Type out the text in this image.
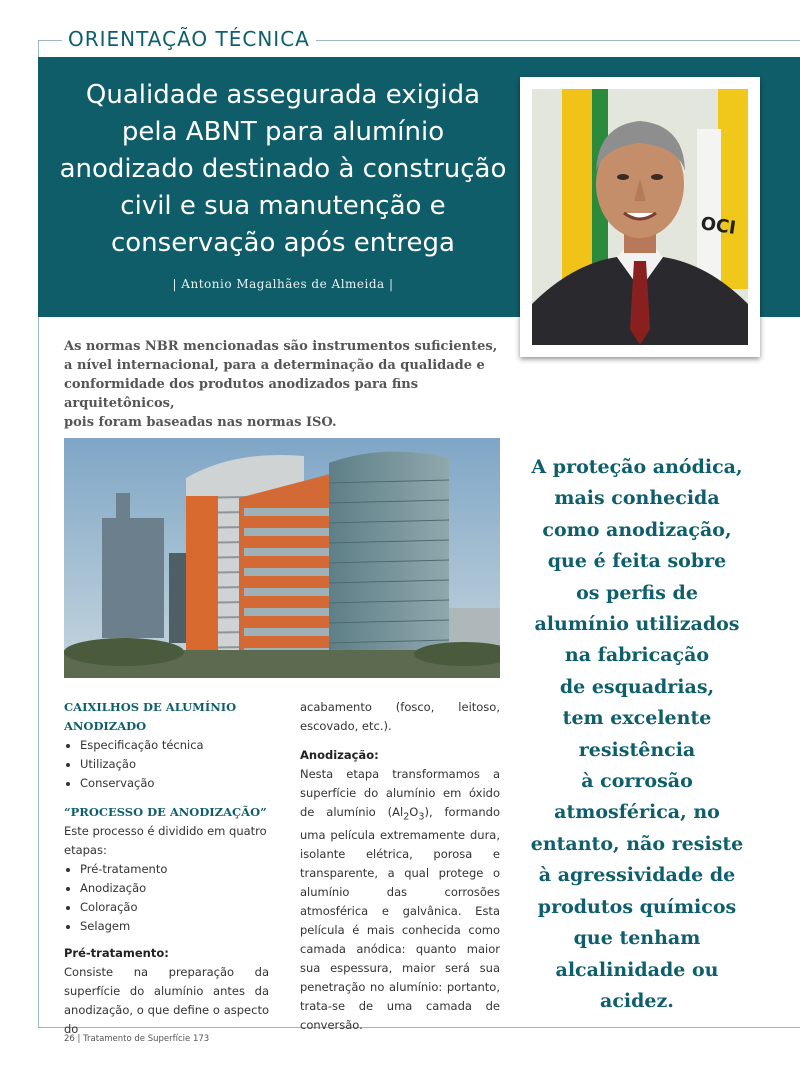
ORIENTAÇÃO TÉCNICA
Qualidade assegurada exigida
pela ABNT para alumínio
anodizado destinado à construção
civil e sua manutenção e
conservação após entrega
| Antonio Magalhães de Almeida |
OCI
As normas NBR mencionadas são instrumentos suficientes,
a nível internacional, para a determinação da qualidade e
conformidade dos produtos anodizados para fins arquitetônicos,
pois foram baseadas nas normas ISO.
A proteção anódica,
mais conhecida
como anodização,
que é feita sobre
os perfis de
alumínio utilizados
na fabricação
de esquadrias,
tem excelente
resistência
à corrosão
atmosférica, no
entanto, não resiste
à agressividade de
produtos químicos
que tenham
alcalinidade ou
acidez.

CAIXILHOS DE ALUMÍNIO
ANODIZADO

• Especificação técnica
• Utilização
• Conservação

“PROCESSO DE ANODIZAÇÃO”

Este processo é dividido em quatro etapas:

• Pré-tratamento
• Anodização
• Coloração
• Selagem

Pré-tratamento:

Consiste na preparação da superfície do alumínio antes da anodização, o que define o aspecto do

acabamento (fosco, leitoso, escovado, etc.).

Anodização:

Nesta etapa transformamos a superfície do alumínio em óxido de alumínio $(Al_2O_3)$, formando uma película extremamente dura, isolante elétrica, porosa e transparente, a qual protege o alumínio das corrosões atmosférica e galvânica. Esta película é mais conhecida como camada anódica: quanto maior sua espessura, maior será sua penetração no alumínio: portanto, trata-se de uma camada de conversão.

26 | Tratamento de Superfície 173
